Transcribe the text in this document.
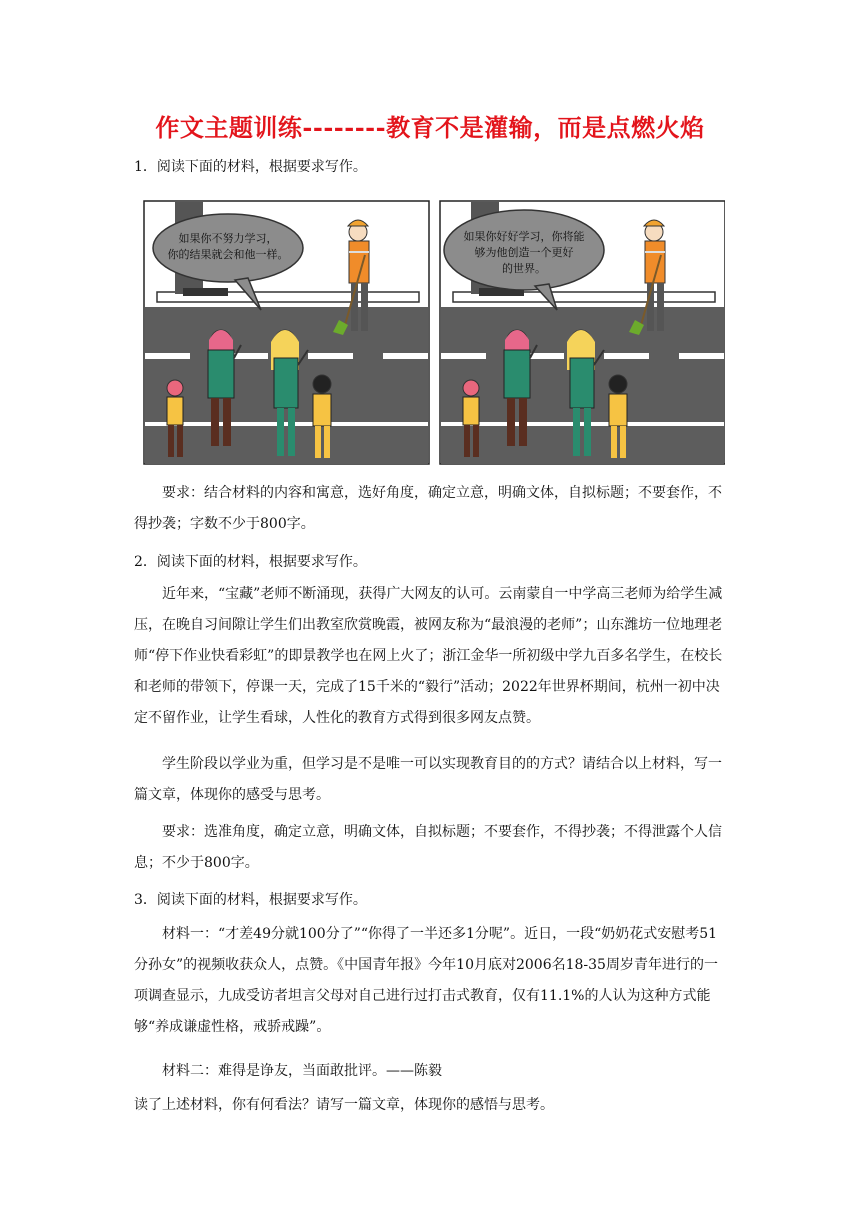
作文主题训练--------教育不是灌输，而是点燃火焰

1．阅读下面的材料，根据要求写作。

如果你不努力学习，
你的结果就会和他一样。
如果你好好学习，你将能
够为他创造一个更好
的世界。

要求：结合材料的内容和寓意，选好角度，确定立意，明确文体，自拟标题；不要套作，不得抄袭；字数不少于800字。

2．阅读下面的材料，根据要求写作。

近年来，“宝藏”老师不断涌现，获得广大网友的认可。云南蒙自一中学高三老师为给学生减压，在晚自习间隙让学生们出教室欣赏晚霞，被网友称为“最浪漫的老师”；山东潍坊一位地理老师“停下作业快看彩虹”的即景教学也在网上火了；浙江金华一所初级中学九百多名学生，在校长和老师的带领下，停课一天，完成了15千米的“毅行”活动；2022年世界杯期间，杭州一初中决定不留作业，让学生看球，人性化的教育方式得到很多网友点赞。

学生阶段以学业为重，但学习是不是唯一可以实现教育目的的方式？请结合以上材料，写一篇文章，体现你的感受与思考。

要求：选准角度，确定立意，明确文体，自拟标题；不要套作，不得抄袭；不得泄露个人信息；不少于800字。

3．阅读下面的材料，根据要求写作。

材料一：“才差49分就100分了”“你得了一半还多1分呢”。近日，一段“奶奶花式安慰考51分孙女”的视频收获众人，点赞。《中国青年报》今年10月底对2006名18-35周岁青年进行的一项调查显示，九成受访者坦言父母对自己进行过打击式教育，仅有11.1%的人认为这种方式能够“养成谦虚性格，戒骄戒躁”。

材料二：难得是诤友，当面敢批评。——陈毅

读了上述材料，你有何看法？请写一篇文章，体现你的感悟与思考。
